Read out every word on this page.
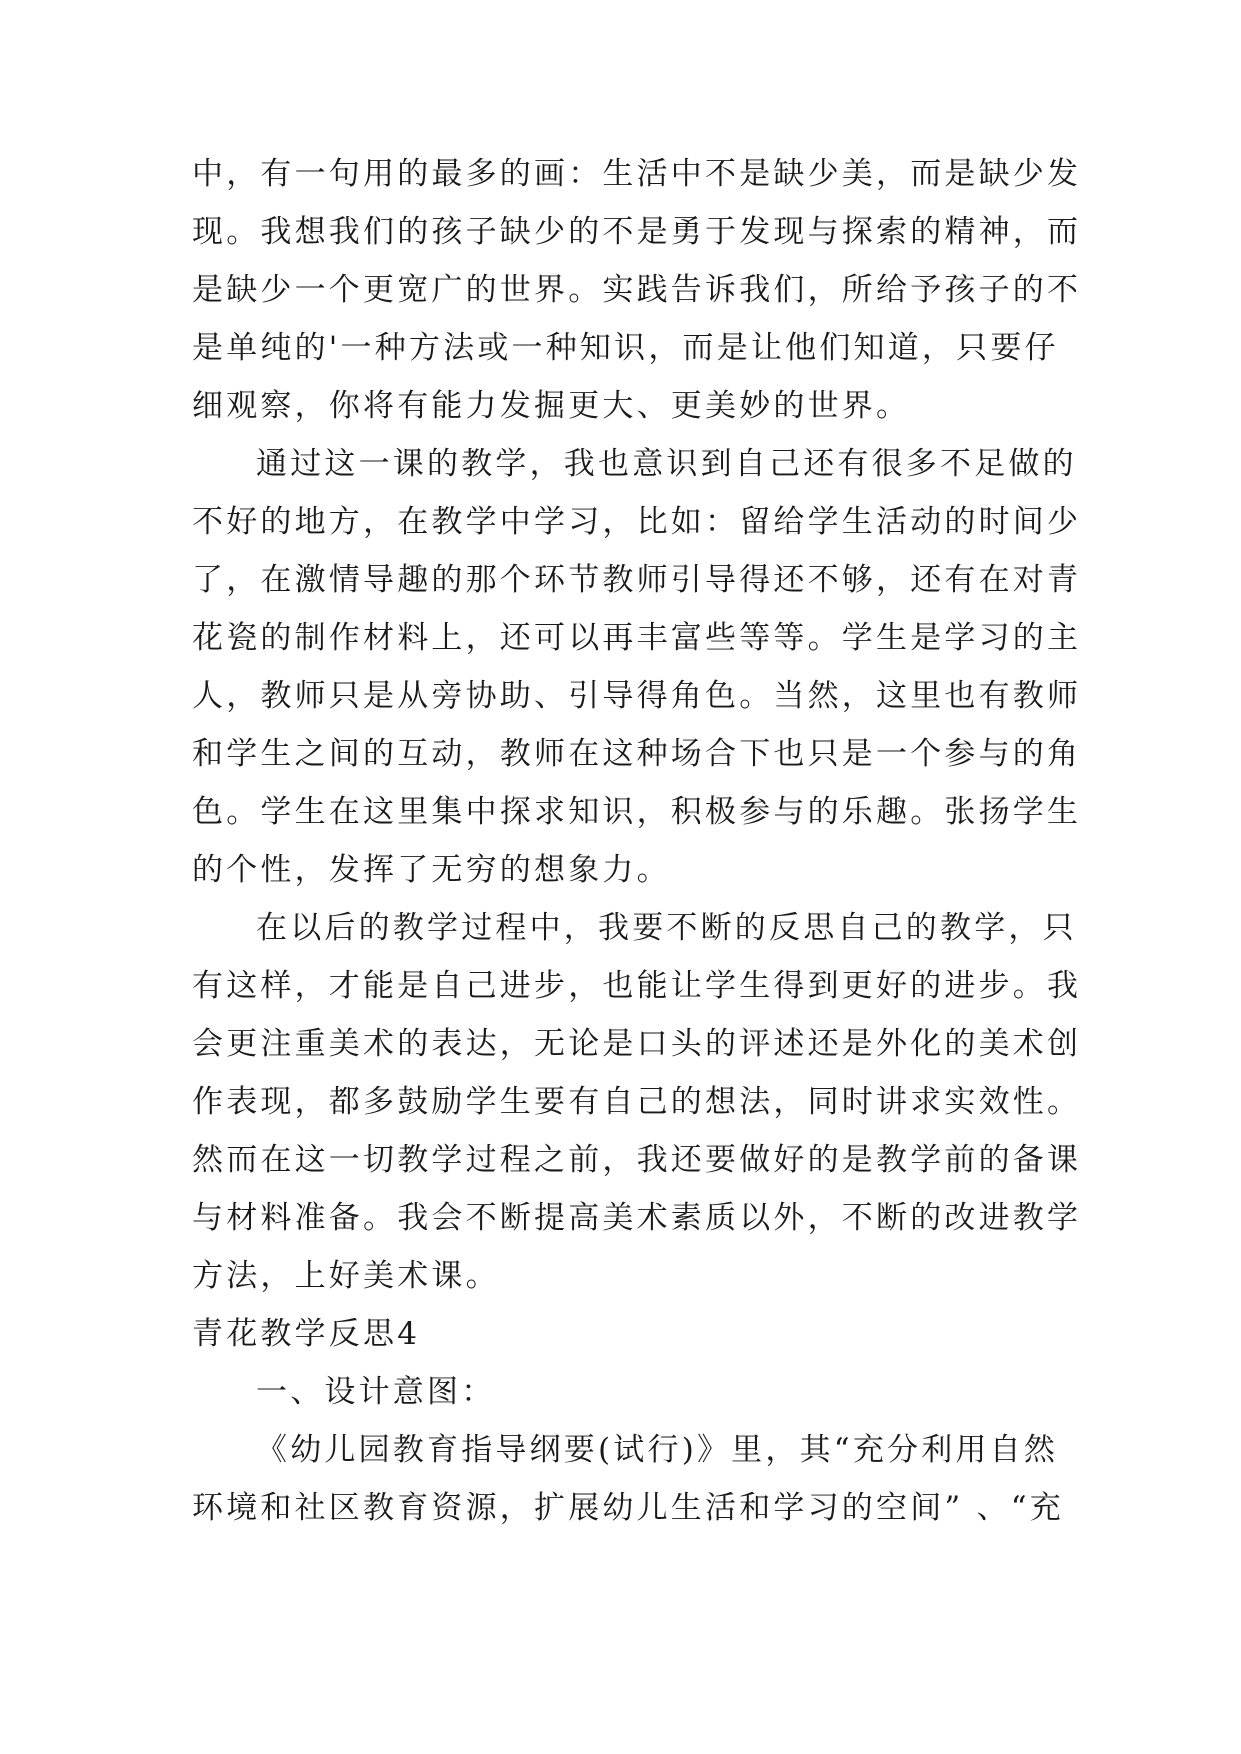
中，有一句用的最多的画：生活中不是缺少美，而是缺少发

现。我想我们的孩子缺少的不是勇于发现与探索的精神，而

是缺少一个更宽广的世界。实践告诉我们，所给予孩子的不

是单纯的'一种方法或一种知识，而是让他们知道，只要仔

细观察，你将有能力发掘更大、更美妙的世界。

通过这一课的教学，我也意识到自己还有很多不足做的

不好的地方，在教学中学习，比如：留给学生活动的时间少

了，在激情导趣的那个环节教师引导得还不够，还有在对青

花瓷的制作材料上，还可以再丰富些等等。学生是学习的主

人，教师只是从旁协助、引导得角色。当然，这里也有教师

和学生之间的互动，教师在这种场合下也只是一个参与的角

色。学生在这里集中探求知识，积极参与的乐趣。张扬学生

的个性，发挥了无穷的想象力。

在以后的教学过程中，我要不断的反思自己的教学，只

有这样，才能是自己进步，也能让学生得到更好的进步。我

会更注重美术的表达，无论是口头的评述还是外化的美术创

作表现，都多鼓励学生要有自己的想法，同时讲求实效性。

然而在这一切教学过程之前，我还要做好的是教学前的备课

与材料准备。我会不断提高美术素质以外，不断的改进教学

方法，上好美术课。

青花教学反思4

一、设计意图：

《幼儿园教育指导纲要(试行)》里，其“充分利用自然

环境和社区教育资源，扩展幼儿生活和学习的空间” 、“充
